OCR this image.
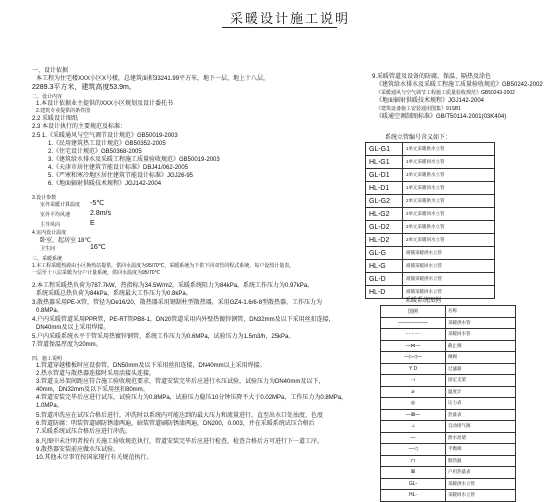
采暖设计施工说明
一、设计依据
本工程为住宅楼XXX小区X号楼，总建筑面积33241.99平方米，地下一层，地上十八层，
2289.3平方米，建筑高度53.9m。
二、设计内容
1.本设计依据业主提供的XXX小区规划及设计委托书
2.建筑专业提供的条件图
2.2 采暖设计图纸
2.3 本设计执行的主要规范及标准：
2.5 1.《采暖通风与空气调节设计规范》GB50019-2003
1.《民用建筑热工设计规范》GB50352-2005
2.《住宅设计规范》GB50368-2005
3.《建筑给水排水及采暖工程施工质量验收规范》GB50019-2003
4.《天津市居住建筑节能设计标准》DBJ41/062-2005
5.《严寒和寒冷地区居住建筑节能设计标准》JGJ26-95
6.《地面辐射供暖技术规程》JGJ142-2004
3.设计参数
室外采暖计算温度 -5℃
室外平均风速	2.8m/s
主导风向	E
4.室内设计温度
卧室、起居室 18℃
卫生间	16℃
三、采暖系统
1.本工程采暖热源由小区换热站提供，供回水温度为95/70℃，采暖系统为下供下回双管同程式系统，每户设热计量表。
一层至十八层采暖为分户计量系统，供回水温度为95/70℃
2.本工程采暖热负荷为787.7kW，热指标为34.5W/m2，采暖系统阻力为84kPa，系统工作压力为0.97kPa。
系统采暖总热负荷为84kPa，系统最大工作压力为0.8kPa。
3.散热器采用PE-X管，管径为De16/20，散热器采用钢制柱型散热器，采用GZ4-1.6/6-8型散热器，工作压力为
0.8MPa。
4.户内采暖管道采用PPR管，PE-RT管PB8-1，DN20管道采用内外壁热镀锌钢管，DN32mm及以下采用丝扣连接，
DN40mm及以上采用焊接。
5.户内采暖系统水平干管采用热镀锌钢管，系统工作压力为0.6MPa，试验压力为1.5m3/h，25kPa。
7.管道保温厚度为20mm。
四、施工说明
1.管道穿越楼板时应设套管，DN50mm及以下采用丝扣连接，DN40mm以上采用焊接。
2.热水管道与散热器连接时采用活接头连接。
3.管道支吊架间距应符合施工验收规范要求，管道安装完毕后应进行水压试验，试验压力为DN40mm及以下，
40mm，DN32mm及以下采用丝扣80mm。
4.管道安装完毕后应进行试压，试验压力为0.8MPa，试验压力稳压10分钟压降不大于0.02MPa，工作压力为0.8MPa，
1.0MPa。
5.管道冲洗应在试压合格后进行，冲洗时以系统内可能达到的最大压力和流量进行，直至出水口处浊度、色度
6.管道防腐：明装管道刷防锈漆两遍，暗装管道刷防锈漆两遍，DN200，0.003，并在采暖系统试压合格后
7.采暖系统试压合格后应进行冲洗。
8.凡图中未注明者按有关施工验收规范执行，管道安装完毕后应进行检查，检查合格后方可进行下一道工序。
9.散热器安装前应做水压试验。
10.其他未尽事宜按国家现行有关规范执行。
9.采暖管道及设备的防腐、保温、隔热及涂色
《建筑给水排水及采暖工程施工质量验收规范》GB50242-2002
《采暖通风与空气调节工程施工质量验收规范》GB50243-2002
《地面辐射供暖技术规程》JGJ142-2004
《建筑设备施工安装通用图集》91SB1
《暖通空调制图标准》GB/T50114-2001(03K404)
系统立管编号含义如下：
GL-G1	1单元采暖供水立管
HL-G1	1单元采暖回水立管
GL-D1	1单元采暖供水立管
HL-D1	1单元采暖回水立管
GL-G2	2单元采暖供水立管
HL-G2	2单元采暖回水立管
GL-D2	2单元采暖供水立管
HL-D2	2单元采暖回水立管
GL-G	商铺采暖供水立管
HL-G	商铺采暖回水立管
GL-D	商铺采暖供水立管
HL-D	商铺采暖回水立管
采暖系统图例
图例	名称
——————	采暖供水管
- - - - -	采暖回水管
—⋈—	截止阀
—▷◁—	闸阀
Y D	过滤器
⊣	固定支架
⌀	温度计
◎	压力表
—⊠—	热量表
⊥	自动排气阀
—	泄水丝堵
—◁	平衡阀
⊓	散热器
⊠	户用热量表
GL-	采暖供水立管
HL-	采暖回水立管
